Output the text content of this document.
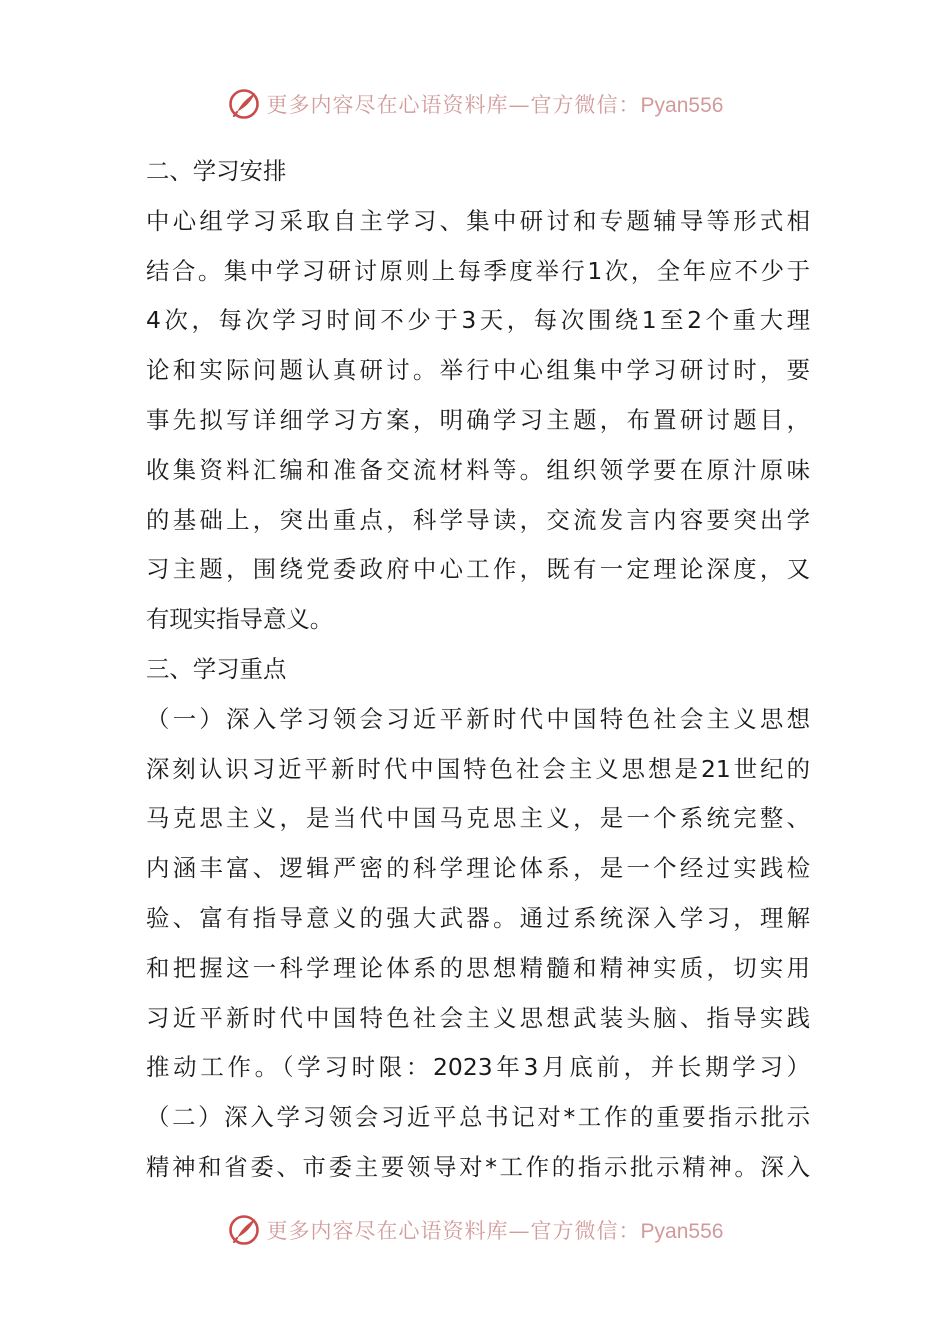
更多内容尽在心语资料库—官方微信：Pyan556
二、学习安排
中心组学习采取自主学习、集中研讨和专题辅导等形式相
结合。集中学习研讨原则上每季度举行1次，全年应不少于
4次，每次学习时间不少于3天，每次围绕1至2个重大理
论和实际问题认真研讨。举行中心组集中学习研讨时，要
事先拟写详细学习方案，明确学习主题，布置研讨题目，
收集资料汇编和准备交流材料等。组织领学要在原汁原味
的基础上，突出重点，科学导读，交流发言内容要突出学
习主题，围绕党委政府中心工作，既有一定理论深度，又
有现实指导意义。
三、学习重点
（一）深入学习领会习近平新时代中国特色社会主义思想
深刻认识习近平新时代中国特色社会主义思想是21世纪的
马克思主义，是当代中国马克思主义，是一个系统完整、
内涵丰富、逻辑严密的科学理论体系，是一个经过实践检
验、富有指导意义的强大武器。通过系统深入学习，理解
和把握这一科学理论体系的思想精髓和精神实质，切实用
习近平新时代中国特色社会主义思想武装头脑、指导实践
推动工作。（学习时限：2023年3月底前，并长期学习）
（二）深入学习领会习近平总书记对*工作的重要指示批示
精神和省委、市委主要领导对*工作的指示批示精神。深入
更多内容尽在心语资料库—官方微信：Pyan556
